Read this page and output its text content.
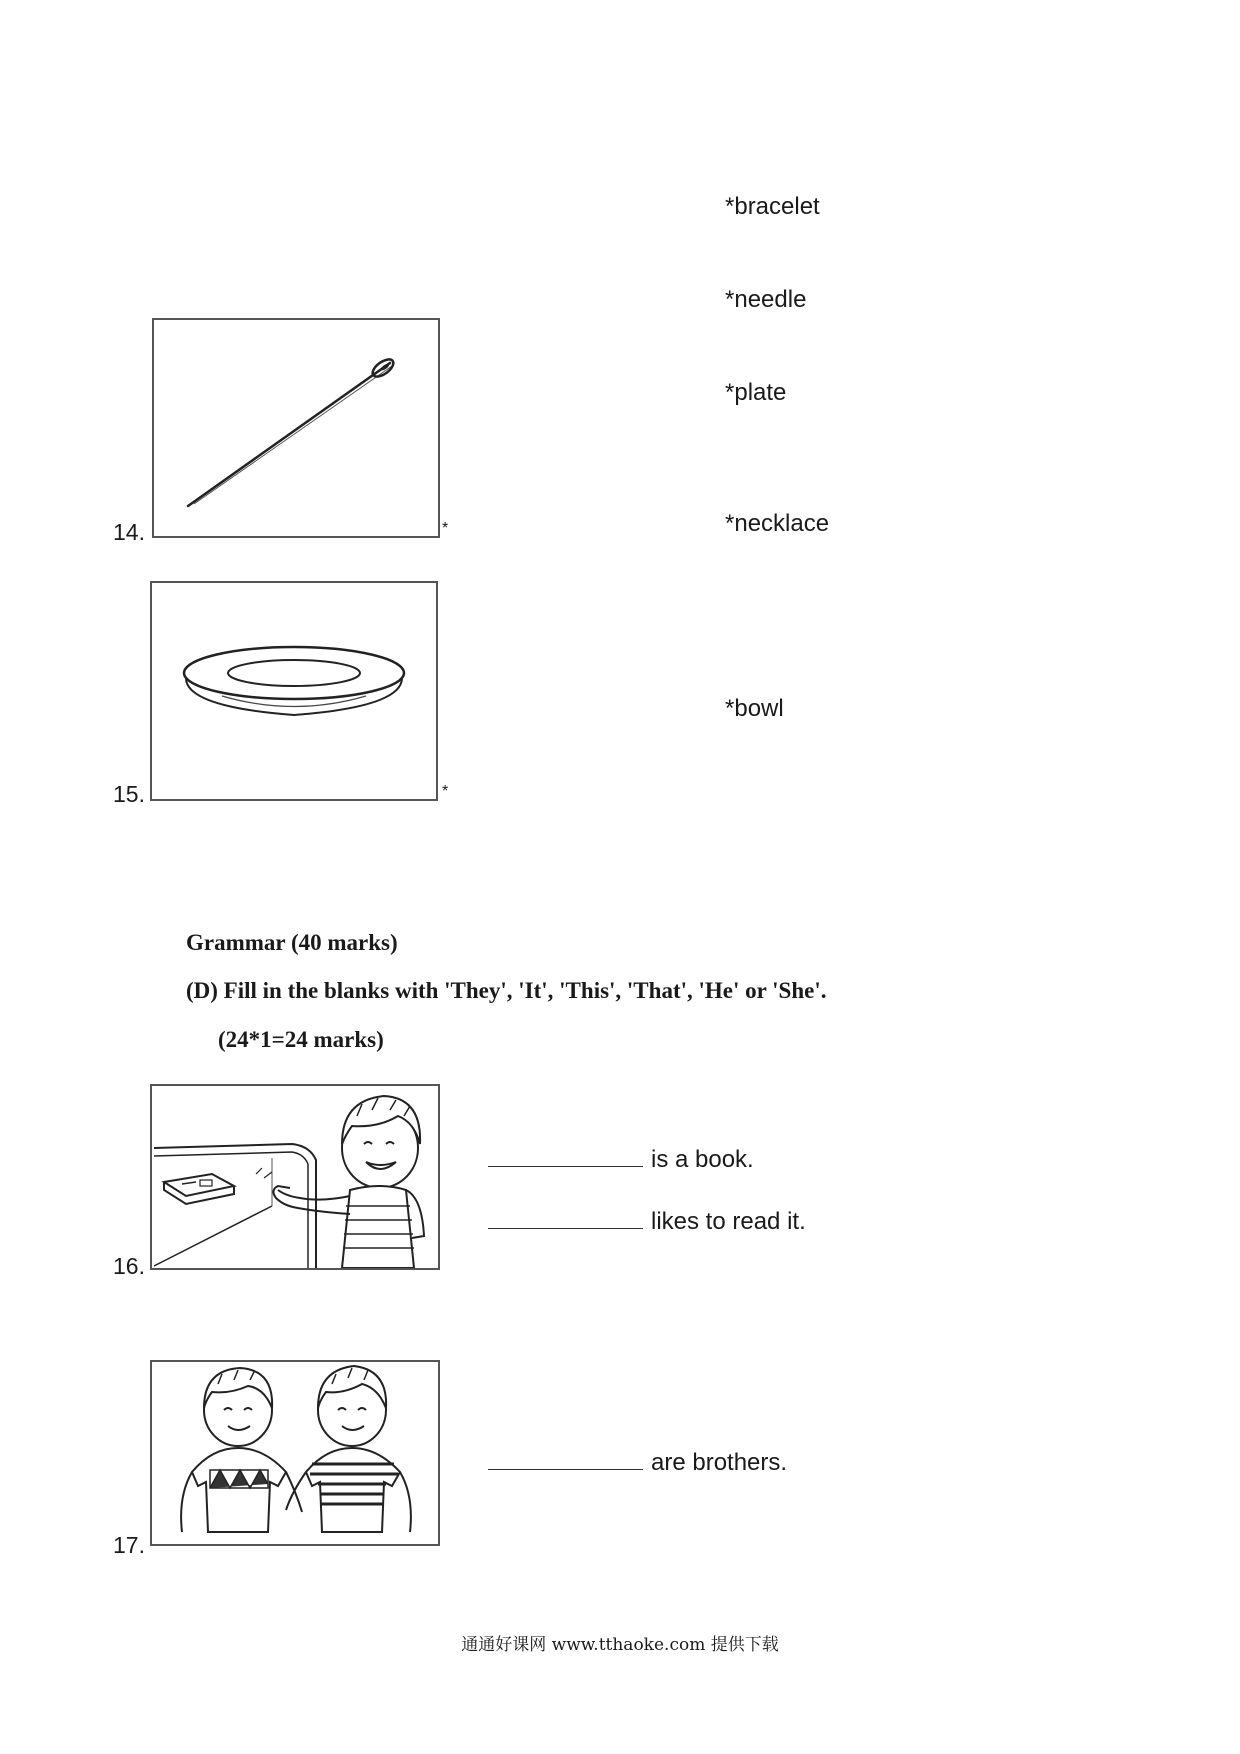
*bracelet
*needle
*plate
*necklace
*bowl
14.	*
15.	*
Grammar (40 marks)
(D) Fill in the blanks with 'They', 'It', 'This', 'That', 'He' or 'She'.
(24*1=24 marks)
16.
is a book.
likes to read it.
17.
are brothers.
通通好课网 www.tthaoke.com 提供下载
